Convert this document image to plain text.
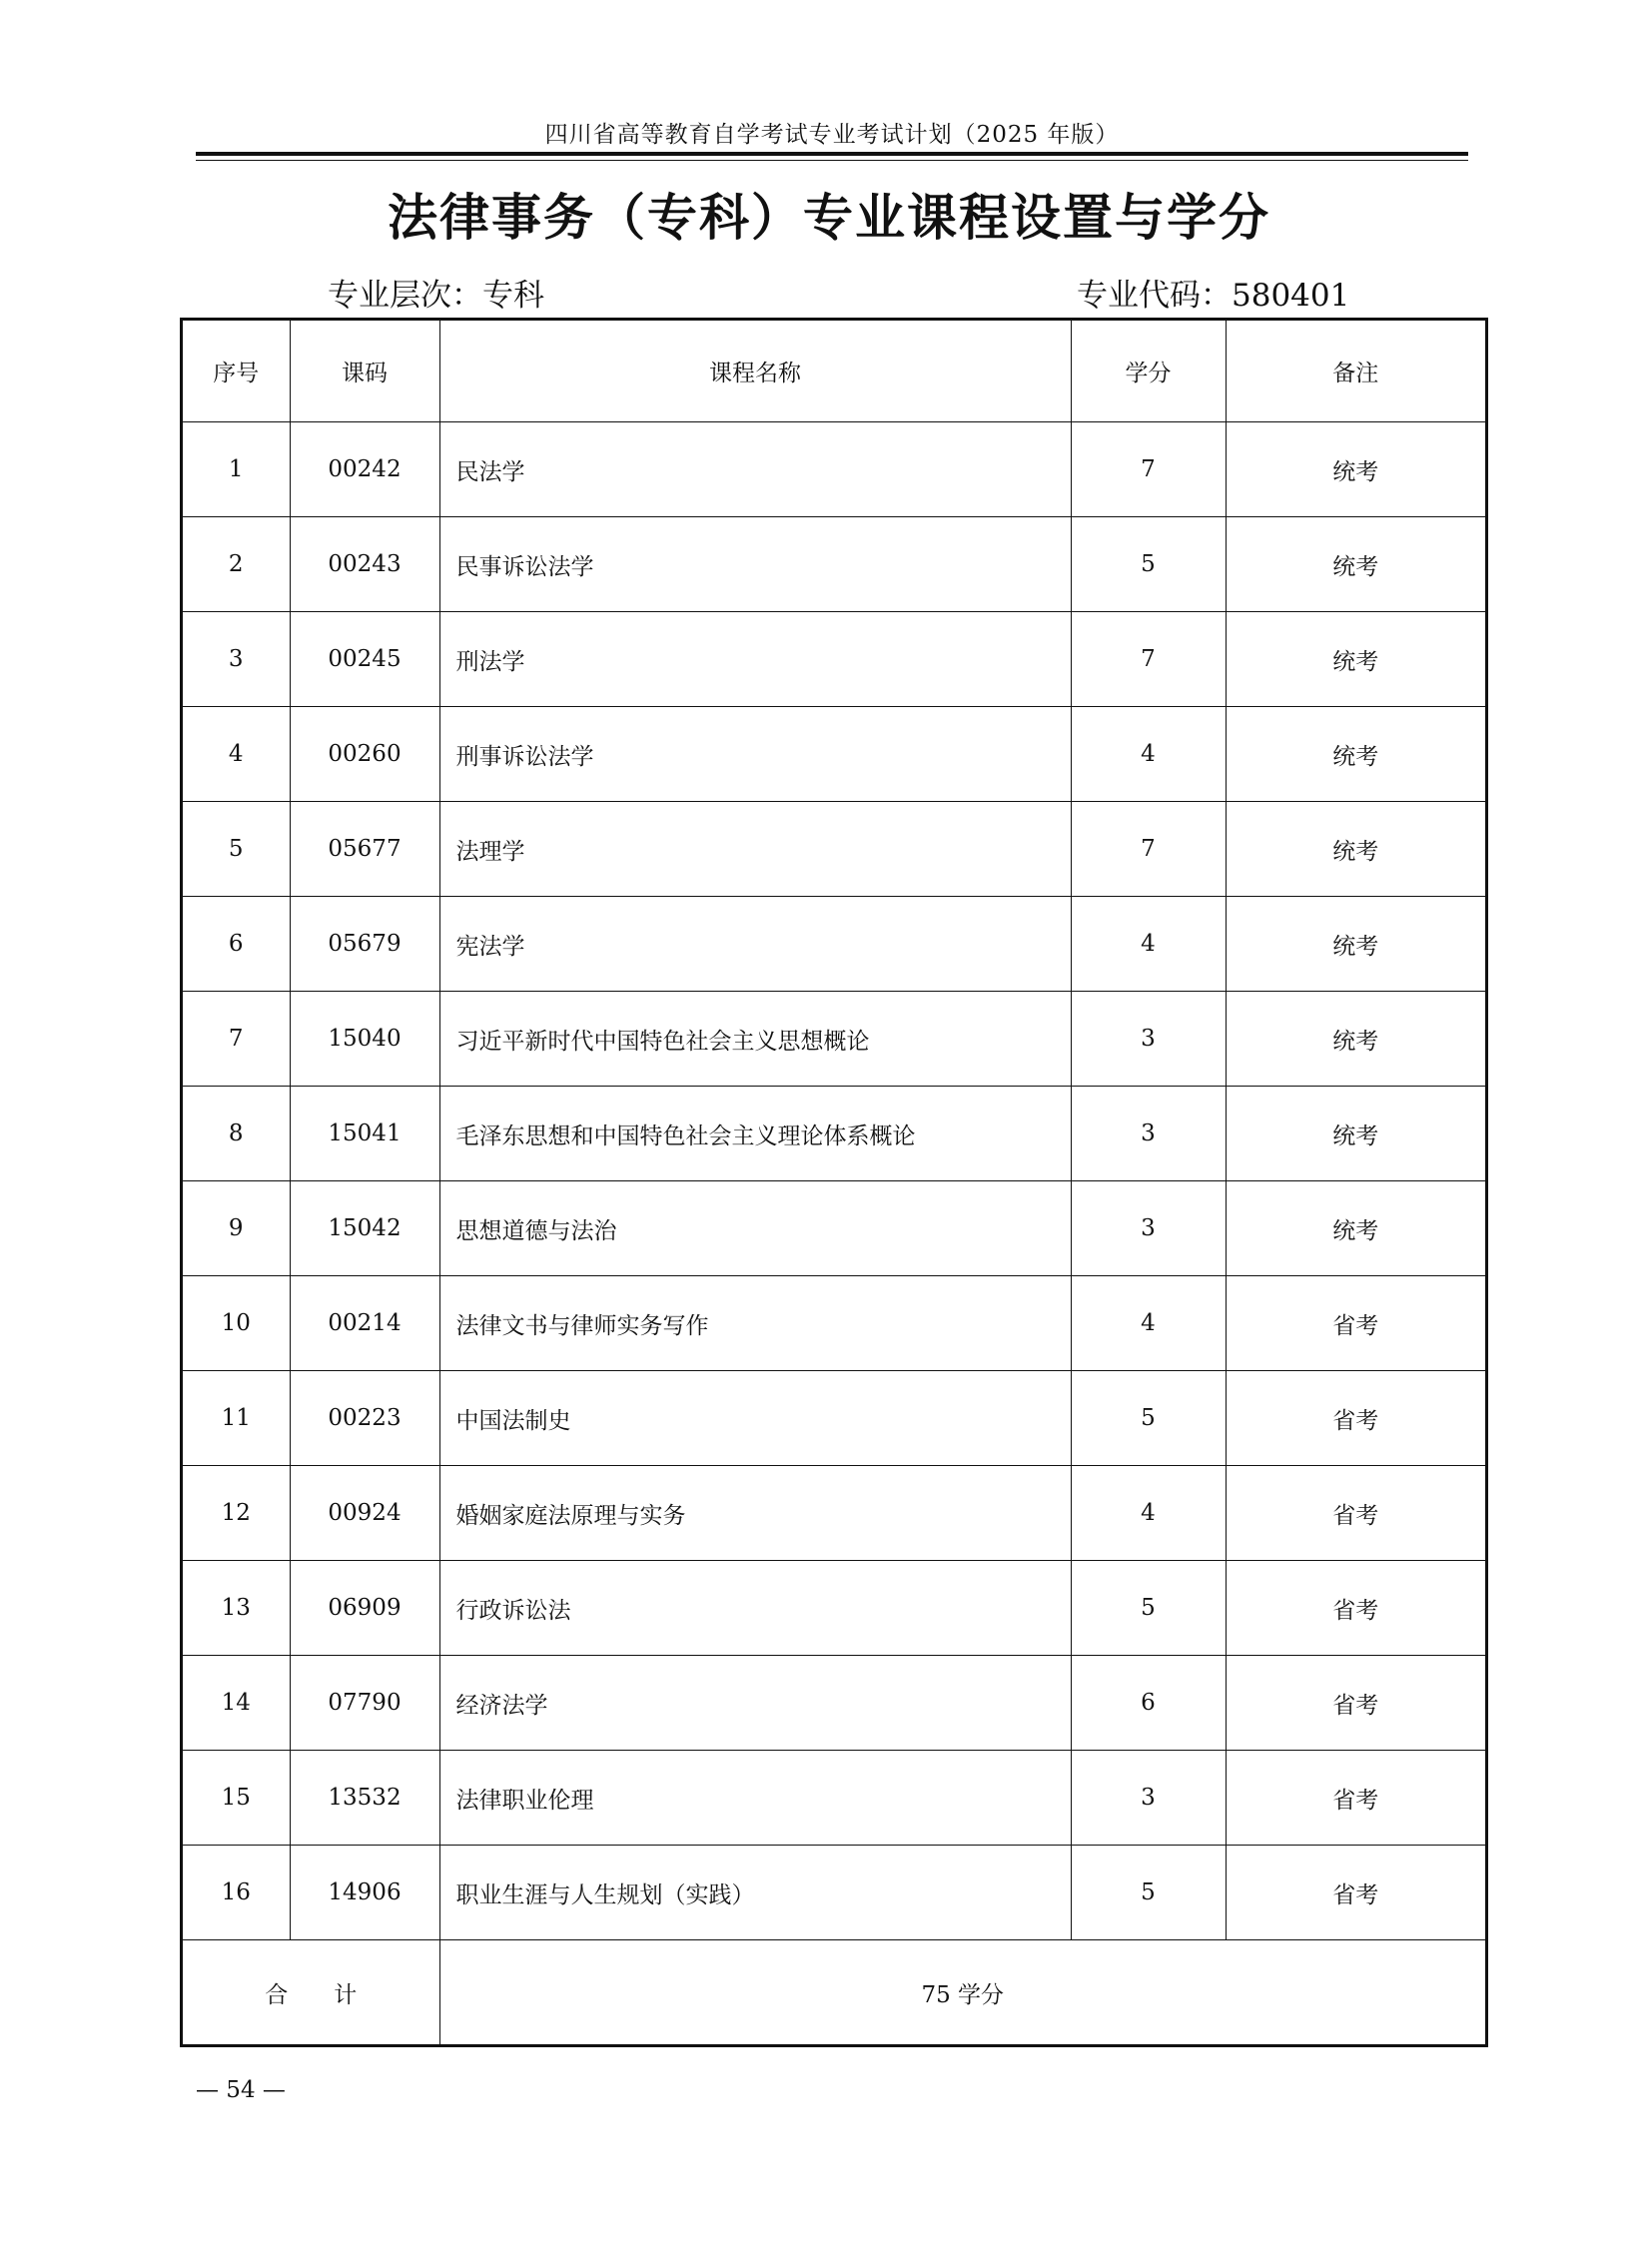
四川省高等教育自学考试专业考试计划（2025 年版）
法律事务（专科）专业课程设置与学分
专业层次：专科	专业代码：580401
序号	课码	课程名称	学分	备注
1	00242	民法学	7	统考
2	00243	民事诉讼法学	5	统考
3	00245	刑法学	7	统考
4	00260	刑事诉讼法学	4	统考
5	05677	法理学	7	统考
6	05679	宪法学	4	统考
7	15040	习近平新时代中国特色社会主义思想概论	3	统考
8	15041	毛泽东思想和中国特色社会主义理论体系概论	3	统考
9	15042	思想道德与法治	3	统考
10	00214	法律文书与律师实务写作	4	省考
11	00223	中国法制史	5	省考
12	00924	婚姻家庭法原理与实务	4	省考
13	06909	行政诉讼法	5	省考
14	07790	经济法学	6	省考
15	13532	法律职业伦理	3	省考
16	14906	职业生涯与人生规划（实践）	5	省考
合　　计		75 学分		
— 54 —
